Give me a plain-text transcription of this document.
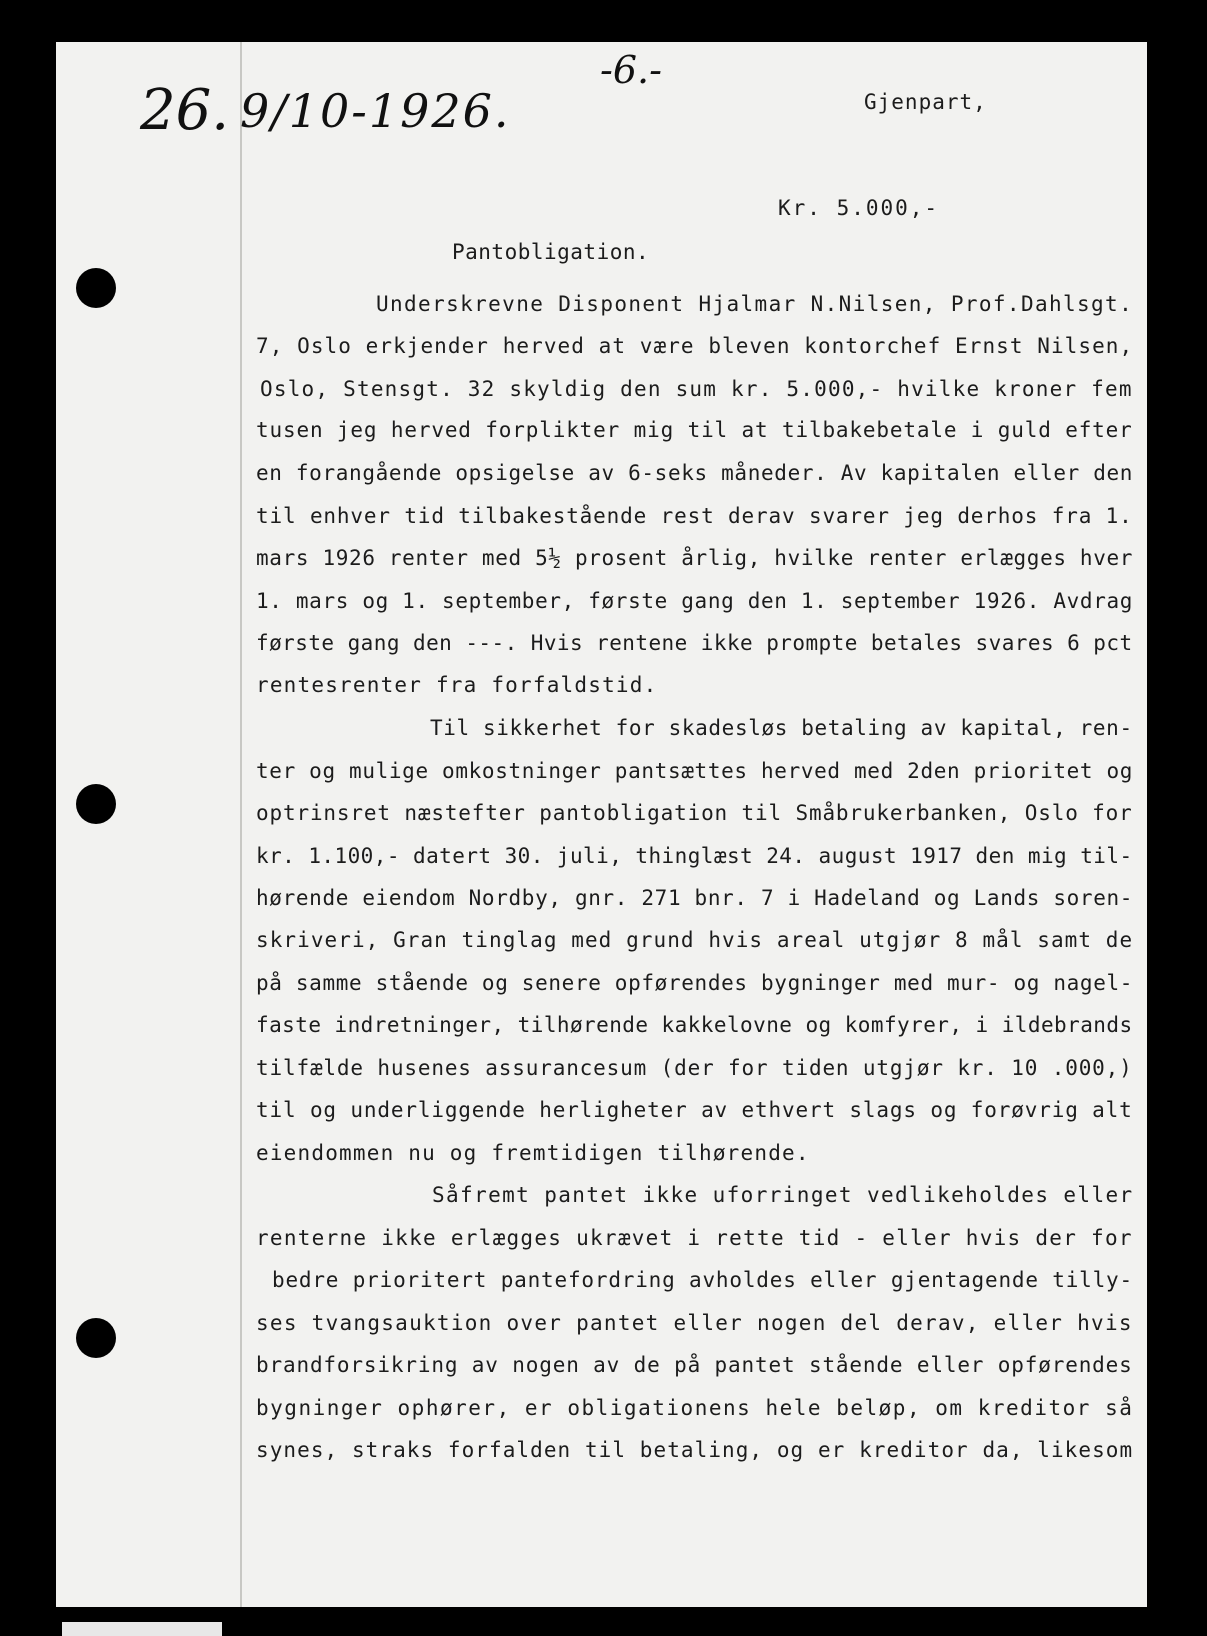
26. 9/10-1926.
-6.-
Gjenpart,
Kr. 5.000,-
Pantobligation.
Underskrevne Disponent Hjalmar N.Nilsen, Prof.Dahlsgt.
7, Oslo erkjender herved at være bleven kontorchef Ernst Nilsen,
Oslo, Stensgt. 32 skyldig den sum kr. 5.000,- hvilke kroner fem
tusen jeg herved forplikter mig til at tilbakebetale i guld efter
en forangående opsigelse av 6-seks måneder. Av kapitalen eller den
til enhver tid tilbakestående rest derav svarer jeg derhos fra 1.
mars 1926 renter med 5½ prosent årlig, hvilke renter erlægges hver
1. mars og 1. september, første gang den 1. september 1926. Avdrag
første gang den ---. Hvis rentene ikke prompte betales svares 6 pct
rentesrenter fra forfaldstid.
Til sikkerhet for skadesløs betaling av kapital, ren-
ter og mulige omkostninger pantsættes herved med 2den prioritet og
optrinsret næstefter pantobligation til Småbrukerbanken, Oslo for
kr. 1.100,- datert 30. juli, thinglæst 24. august 1917 den mig til-
hørende eiendom Nordby, gnr. 271 bnr. 7 i Hadeland og Lands soren-
skriveri, Gran tinglag med grund hvis areal utgjør 8 mål samt de
på samme stående og senere opførendes bygninger med mur- og nagel-
faste indretninger, tilhørende kakkelovne og komfyrer, i ildebrands
tilfælde husenes assurancesum (der for tiden utgjør kr. 10 .000,)
til og underliggende herligheter av ethvert slags og forøvrig alt
eiendommen nu og fremtidigen tilhørende.
Såfremt pantet ikke uforringet vedlikeholdes eller
renterne ikke erlægges ukrævet i rette tid - eller hvis der for
bedre prioritert pantefordring avholdes eller gjentagende tilly-
ses tvangsauktion over pantet eller nogen del derav, eller hvis
brandforsikring av nogen av de på pantet stående eller opførendes
bygninger ophører, er obligationens hele beløp, om kreditor så
synes, straks forfalden til betaling, og er kreditor da, likesom
